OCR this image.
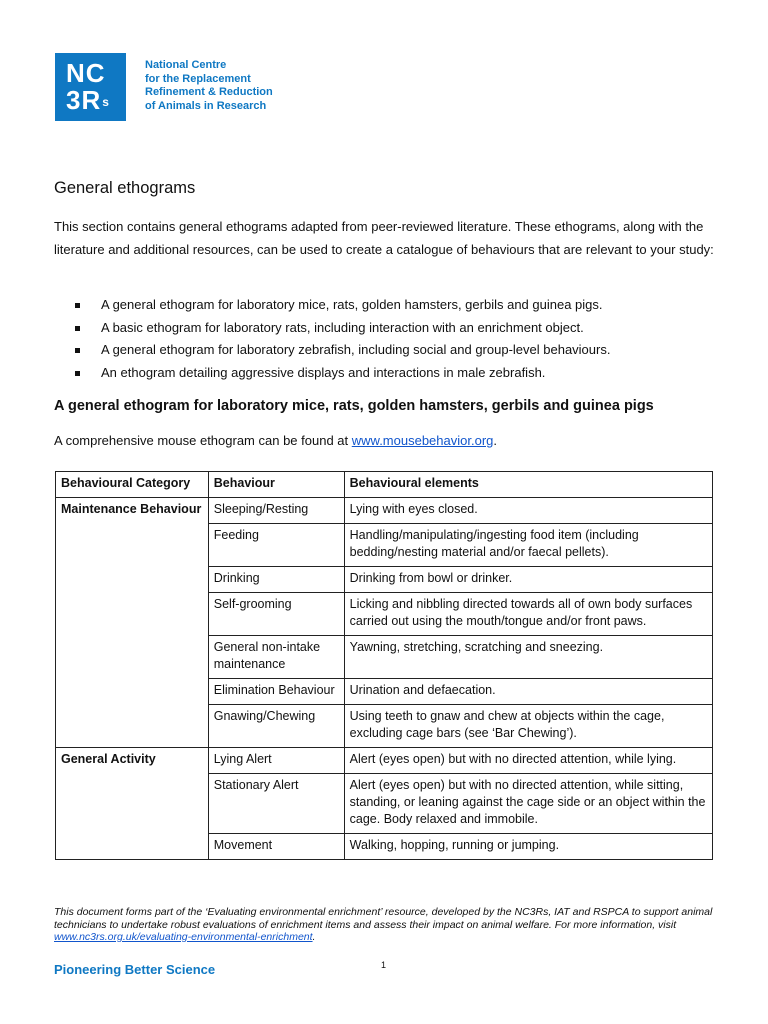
NC
$3R^s$
National Centre
for the Replacement
Refinement & Reduction
of Animals in Research
General ethograms
This section contains general ethograms adapted from peer-reviewed literature. These ethograms, along with the literature and additional resources, can be used to create a catalogue of behaviours that are relevant to your study:
A general ethogram for laboratory mice, rats, golden hamsters, gerbils and guinea pigs.
A basic ethogram for laboratory rats, including interaction with an enrichment object.
A general ethogram for laboratory zebrafish, including social and group-level behaviours.
An ethogram detailing aggressive displays and interactions in male zebrafish.
A general ethogram for laboratory mice, rats, golden hamsters, gerbils and guinea pigs
A comprehensive mouse ethogram can be found at www.mousebehavior.org.
Behavioural Category	Behaviour	Behavioural elements
Maintenance Behaviour	Sleeping/Resting	Lying with eyes closed.
	Feeding	Handling/manipulating/ingesting food item (including bedding/nesting material and/or faecal pellets).
	Drinking	Drinking from bowl or drinker.
	Self-grooming	Licking and nibbling directed towards all of own body surfaces carried out using the mouth/tongue and/or front paws.
	General non-intake maintenance	Yawning, stretching, scratching and sneezing.
	Elimination Behaviour	Urination and defaecation.
	Gnawing/Chewing	Using teeth to gnaw and chew at objects within the cage, excluding cage bars (see ‘Bar Chewing’).
General Activity	Lying Alert	Alert (eyes open) but with no directed attention, while lying.
	Stationary Alert	Alert (eyes open) but with no directed attention, while sitting, standing, or leaning against the cage side or an object within the cage. Body relaxed and immobile.
	Movement	Walking, hopping, running or jumping.
This document forms part of the ‘Evaluating environmental enrichment’ resource, developed by the NC3Rs, IAT and RSPCA to support animal technicians to undertake robust evaluations of enrichment items and assess their impact on animal welfare. For more information, visit www.nc3rs.org.uk/evaluating-environmental-enrichment.
Pioneering Better Science	1
